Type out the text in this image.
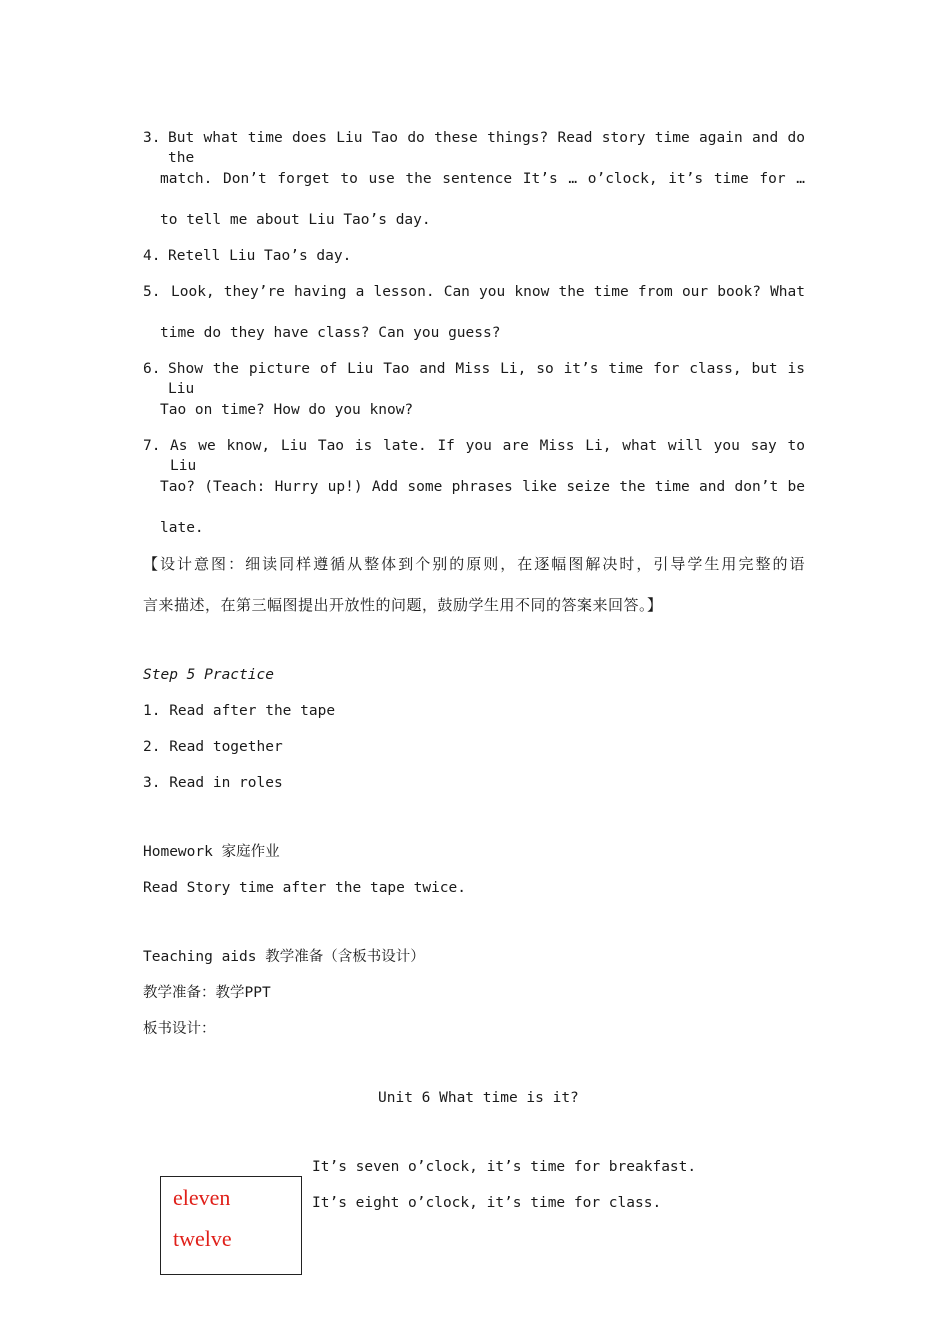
3. But what time does Liu Tao do these things? Read story time again and do the
match. Don’t forget to use the sentence It’s … o’clock, it’s time for …
to tell me about Liu Tao’s day.
4. Retell Liu Tao’s day.
5. Look, they’re having a lesson. Can you know the time from our book? What
time do they have class? Can you guess?
6. Show the picture of Liu Tao and Miss Li, so it’s time for class, but is Liu
Tao on time? How do you know?
7. As we know, Liu Tao is late. If you are Miss Li, what will you say to Liu
Tao? (Teach: Hurry up!) Add some phrases like seize the time and don’t be
late.
【设计意图：细读同样遵循从整体到个别的原则，在逐幅图解决时，引导学生用完整的语
言来描述，在第三幅图提出开放性的问题，鼓励学生用不同的答案来回答。】
Step 5 Practice
1. Read after the tape
2. Read together
3. Read in roles
Homework 家庭作业
Read Story time after the tape twice.
Teaching aids 教学准备（含板书设计）
教学准备：教学PPT
板书设计：
Unit 6 What time is it?
It’s seven o’clock, it’s time for breakfast.
It’s eight o’clock, it’s time for class.
eleven
twelve
